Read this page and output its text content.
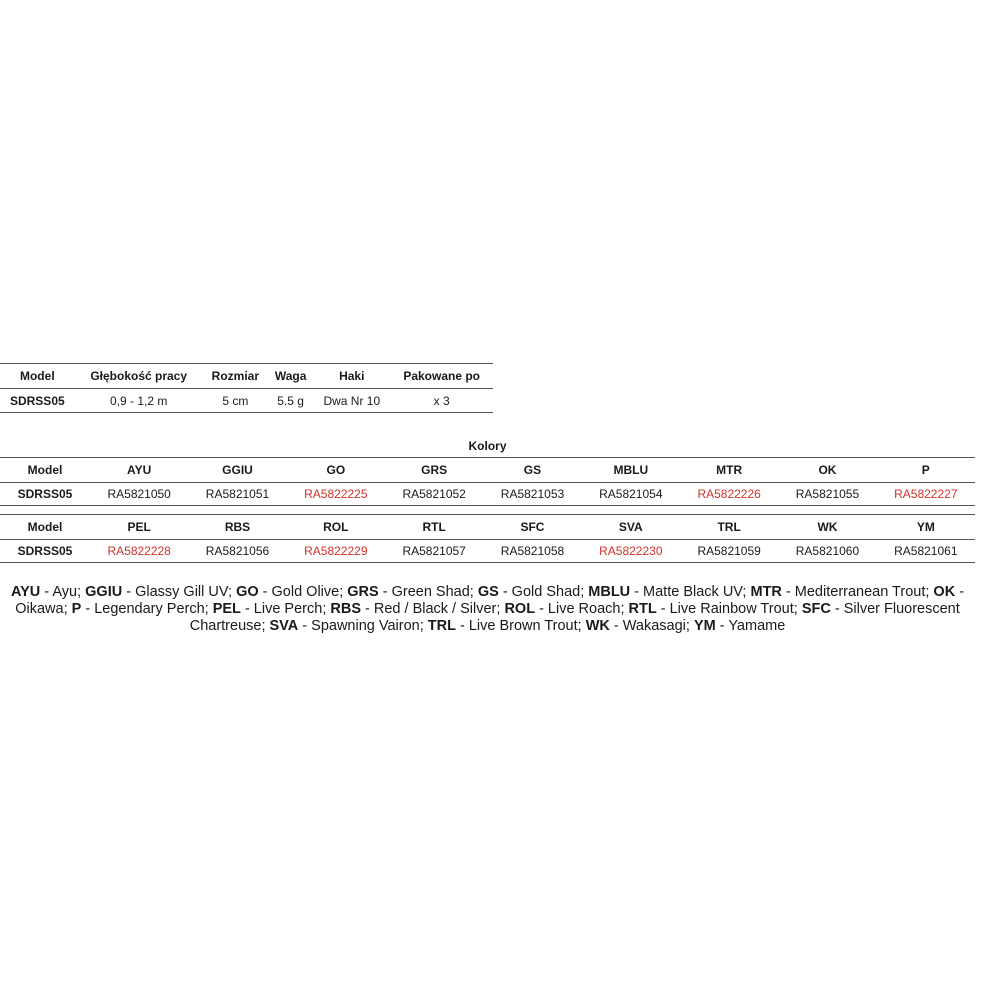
Model	Głębokość pracy	Rozmiar	Waga	Haki	Pakowane po
SDRSS05	0,9 - 1,2 m	5 cm	5.5 g	Dwa Nr 10	x 3
Kolory
Model	AYU	GGIU	GO	GRS	GS	MBLU	MTR	OK	P
SDRSS05	RA5821050	RA5821051	RA5822225	RA5821052	RA5821053	RA5821054	RA5822226	RA5821055	RA5822227
Model	PEL	RBS	ROL	RTL	SFC	SVA	TRL	WK	YM
SDRSS05	RA5822228	RA5821056	RA5822229	RA5821057	RA5821058	RA5822230	RA5821059	RA5821060	RA5821061
AYU - Ayu; GGIU - Glassy Gill UV; GO - Gold Olive; GRS - Green Shad; GS - Gold Shad; MBLU - Matte Black UV; MTR - Mediterranean Trout; OK - Oikawa; P - Legendary Perch; PEL - Live Perch; RBS - Red / Black / Silver; ROL - Live Roach; RTL - Live Rainbow Trout; SFC - Silver Fluorescent Chartreuse; SVA - Spawning Vairon; TRL - Live Brown Trout; WK - Wakasagi; YM - Yamame
